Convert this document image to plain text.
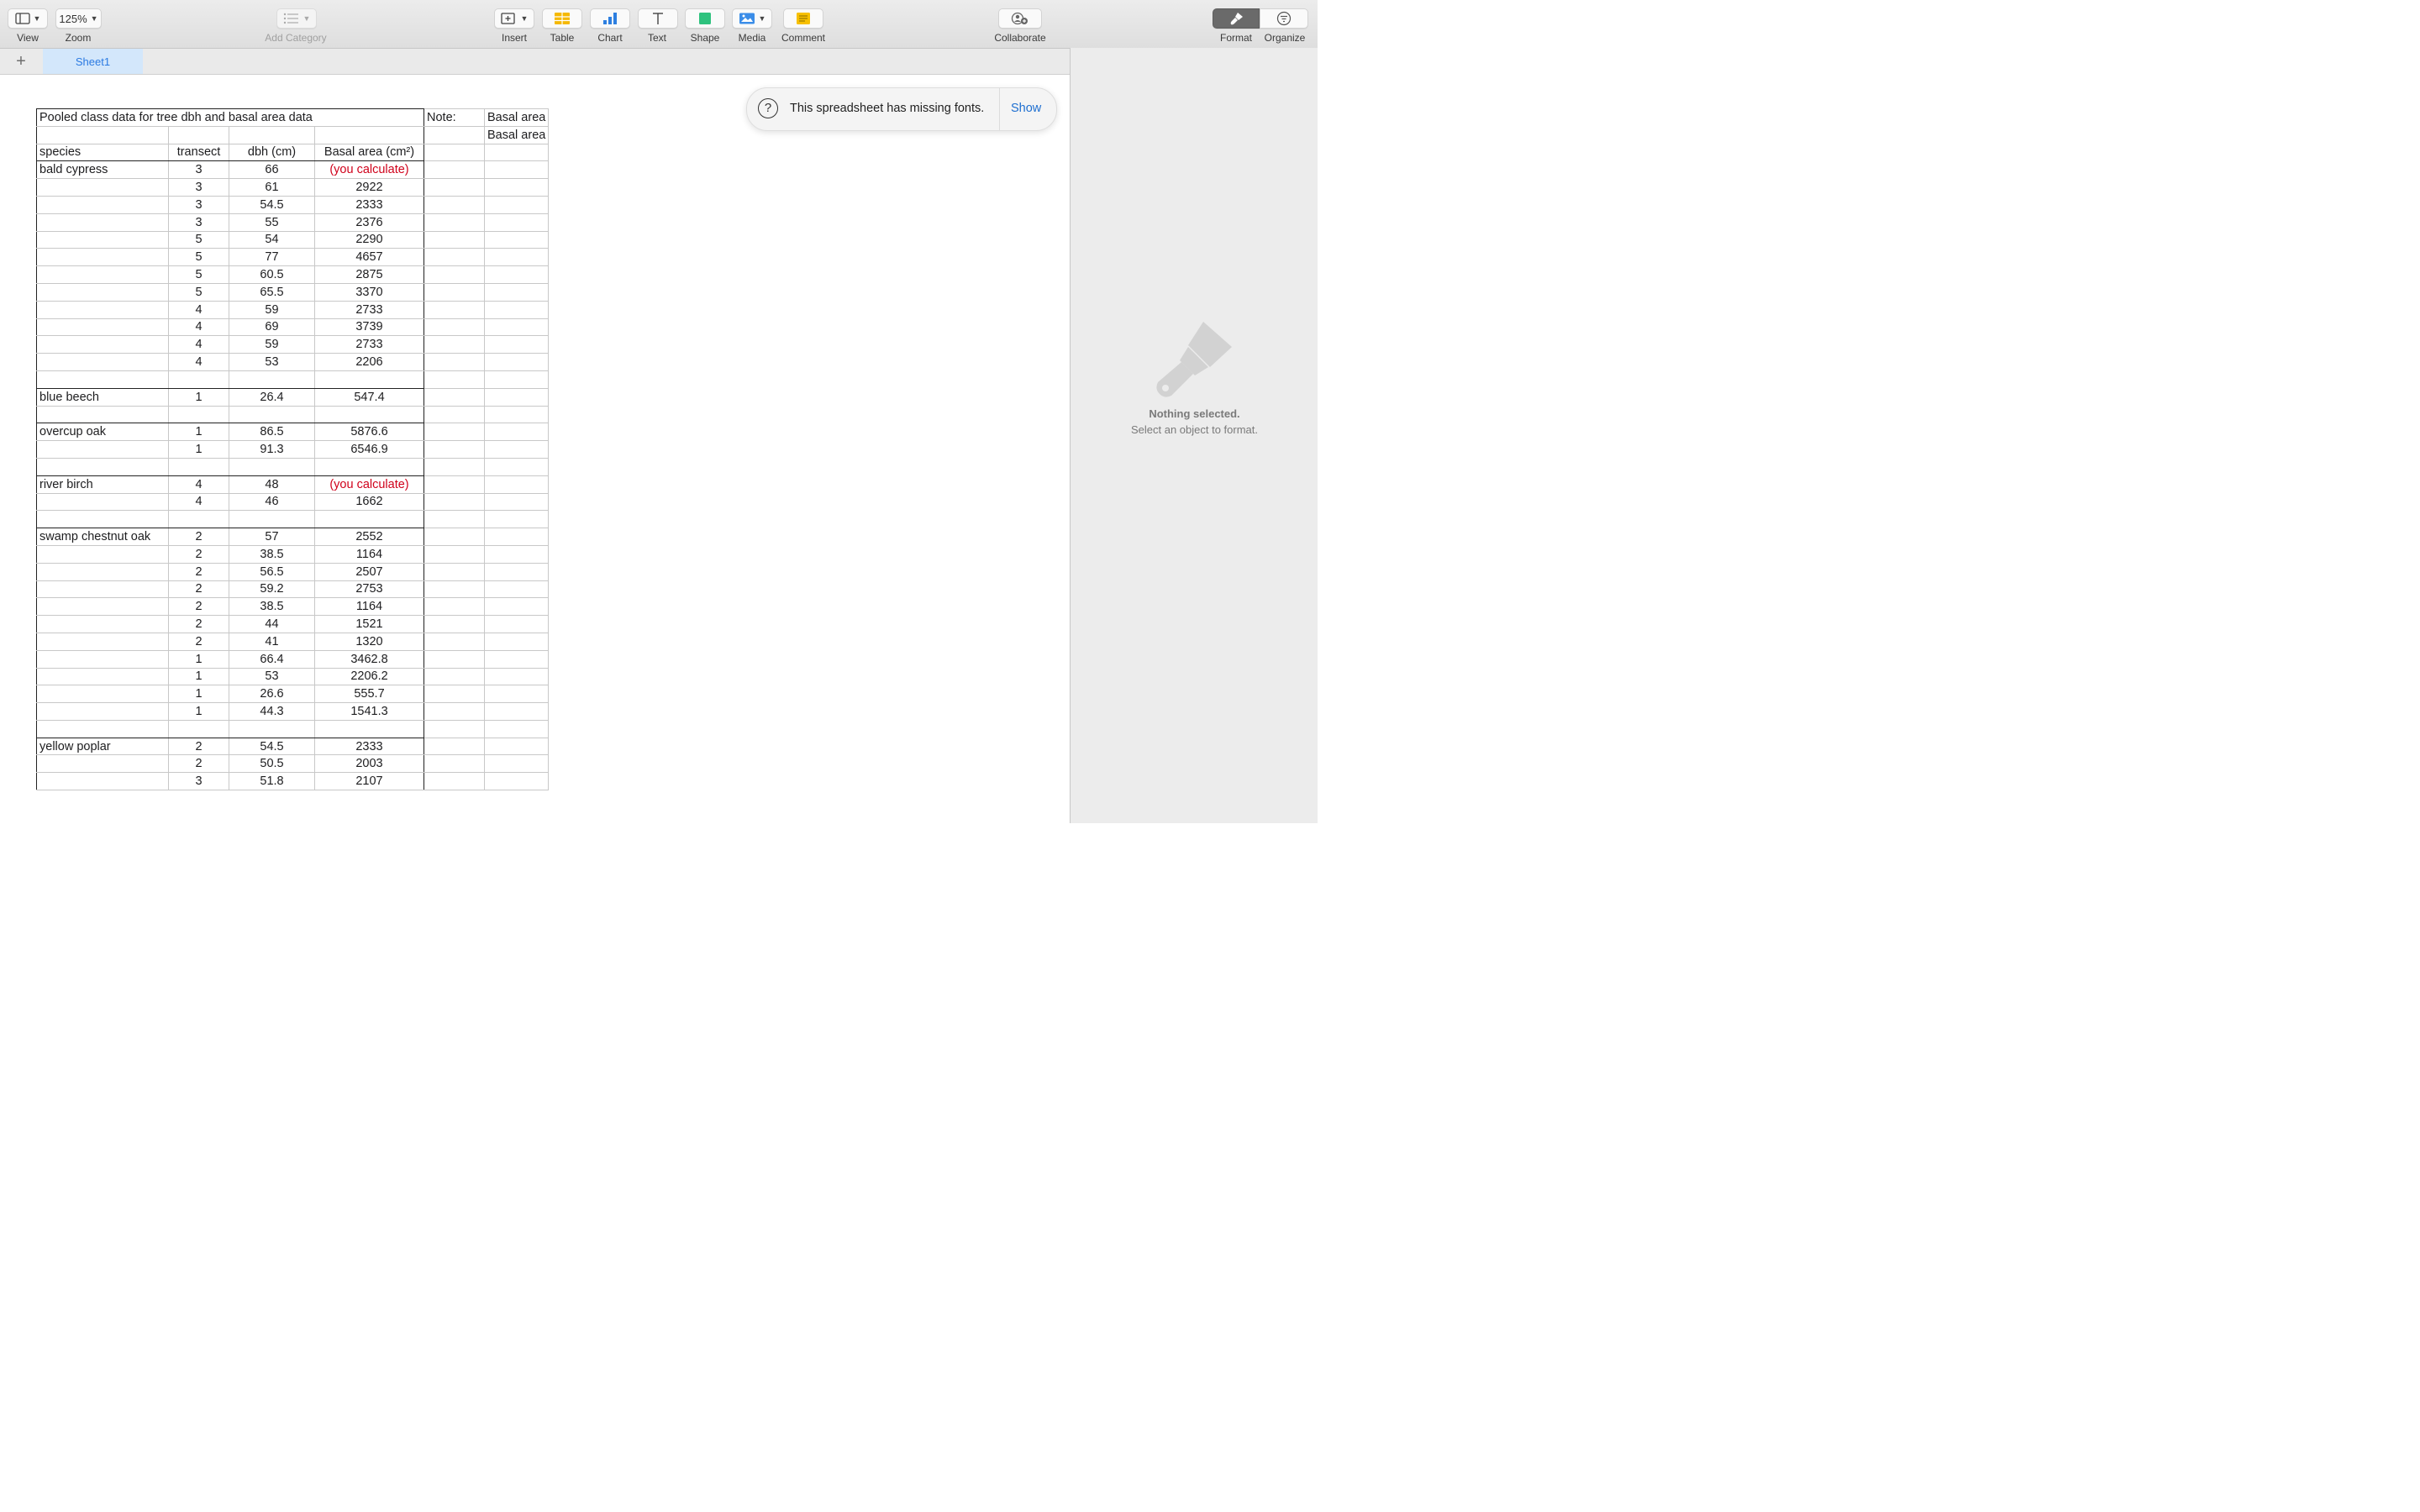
▼
View
125% ▼
Zoom
▼
Add Category
▼
Insert Table Chart	Text Shape
▼
Media Comment	Collaborate	Format Organize
+	Sheet1
Pooled class data for tree dbh and basal area data				Note:	Basal area
					Basal area
species	transect	dbh (cm)	Basal area (cm²)		
bald cypress	3	66	(you calculate)		
	3	61	2922		
	3	54.5	2333		
	3	55	2376		
	5	54	2290		
	5	77	4657		
	5	60.5	2875		
	5	65.5	3370		
	4	59	2733		
	4	69	3739		
	4	59	2733		
	4	53	2206		

blue beech	1	26.4	547.4		

overcup oak	1	86.5	5876.6		
	1	91.3	6546.9		

river birch	4	48	(you calculate)		
	4	46	1662		

swamp chestnut oak	2	57	2552		
	2	38.5	1164		
	2	56.5	2507		
	2	59.2	2753		
	2	38.5	1164		
	2	44	1521		
	2	41	1320		
	1	66.4	3462.8		
	1	53	2206.2		
	1	26.6	555.7		
	1	44.3	1541.3		

yellow poplar	2	54.5	2333		
	2	50.5	2003		
	3	51.8	2107		
?	This spreadsheet has missing fonts. Show
Nothing selected.
Select an object to format.
